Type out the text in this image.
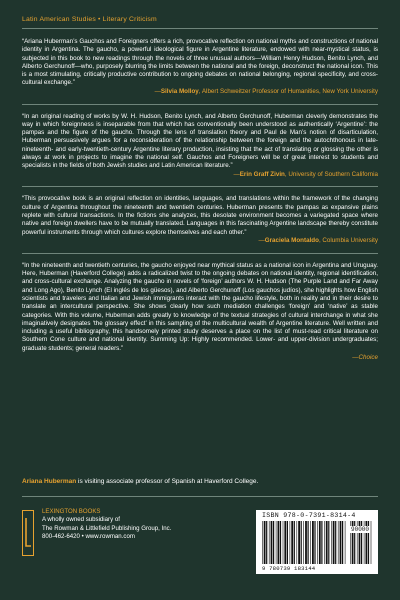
Latin American Studies • Literary Criticism

“Ariana Huberman’s Gauchos and Foreigners offers a rich, provocative reflection on national myths and constructions of national identity in Argentina. The gaucho, a powerful ideological figure in Argentine literature, endowed with near-mystical status, is subjected in this book to new readings through the novels of three unusual authors—William Henry Hudson, Benito Lynch, and Alberto Gerchunoff—who, purposely blurring the limits between the national and the foreign, deconstruct the national icon. This is a most stimulating, critically productive contribution to ongoing debates on national belonging, regional specificity, and cross-cultural exchange.”

—Silvia Molloy, Albert Schweitzer Professor of Humanities, New York University

“In an original reading of works by W. H. Hudson, Benito Lynch, and Alberto Gerchunoff, Huberman cleverly demonstrates the way in which foreignness is inseparable from that which has conventionally been understood as authentically ‘Argentine’: the pampas and the figure of the gaucho. Through the lens of translation theory and Paul de Man’s notion of disarticulation, Huberman persuasively argues for a reconsideration of the relationship between the foreign and the autochthonous in late-nineteenth- and early-twentieth-century Argentine literary production, insisting that the act of translating or glossing the other is always at work in projects to imagine the national self. Gauchos and Foreigners will be of great interest to students and specialists in the fields of both Jewish studies and Latin American literature.”

—Erin Graff Zivin, University of Southern California

“This provocative book is an original reflection on identities, languages, and translations within the framework of the changing culture of Argentina throughout the nineteenth and twentieth centuries. Huberman presents the pampas as expansive plains replete with cultural transactions. In the fictions she analyzes, this desolate environment becomes a variegated space where native and foreign dwellers have to be mutually translated. Languages in this fascinating Argentine landscape thereby constitute powerful instruments through which cultures explore themselves and each other.”

—Graciela Montaldo, Columbia University

“In the nineteenth and twentieth centuries, the gaucho enjoyed near mythical status as a national icon in Argentina and Uruguay. Here, Huberman (Haverford College) adds a radicalized twist to the ongoing debates on national identity, regional identification, and cross-cultural exchange. Analyzing the gaucho in novels of ‘foreign’ authors W. H. Hudson (The Purple Land and Far Away and Long Ago), Benito Lynch (El inglés de los güesos), and Alberto Gerchunoff (Los gauchos judíos), she highlights how English scientists and travelers and Italian and Jewish immigrants interact with the gaucho lifestyle, both in reality and in their desire to translate an intercultural perspective. She shows clearly how such mediation challenges ‘foreign’ and ‘native’ as stable categories. With this volume, Huberman adds greatly to knowledge of the textual strategies of cultural interchange in what she imaginatively designates ‘the glossary effect’ in this sampling of the multicultural wealth of Argentine literature. Well written and including a useful bibliography, this handsomely printed study deserves a place on the list of must-read critical literature on Southern Cone culture and national identity. Summing Up: Highly recommended. Lower- and upper-division undergraduates; graduate students; general readers.”

—Choice
Ariana Huberman is visiting associate professor of Spanish at Haverford College.
LEXINGTON BOOKS
A wholly owned subsidiary of
The Rowman & Littlefield Publishing Group, Inc.
800-462-6420 • www.rowman.com
ISBN 978-0-7391-8314-4
90000
9 780739 183144
